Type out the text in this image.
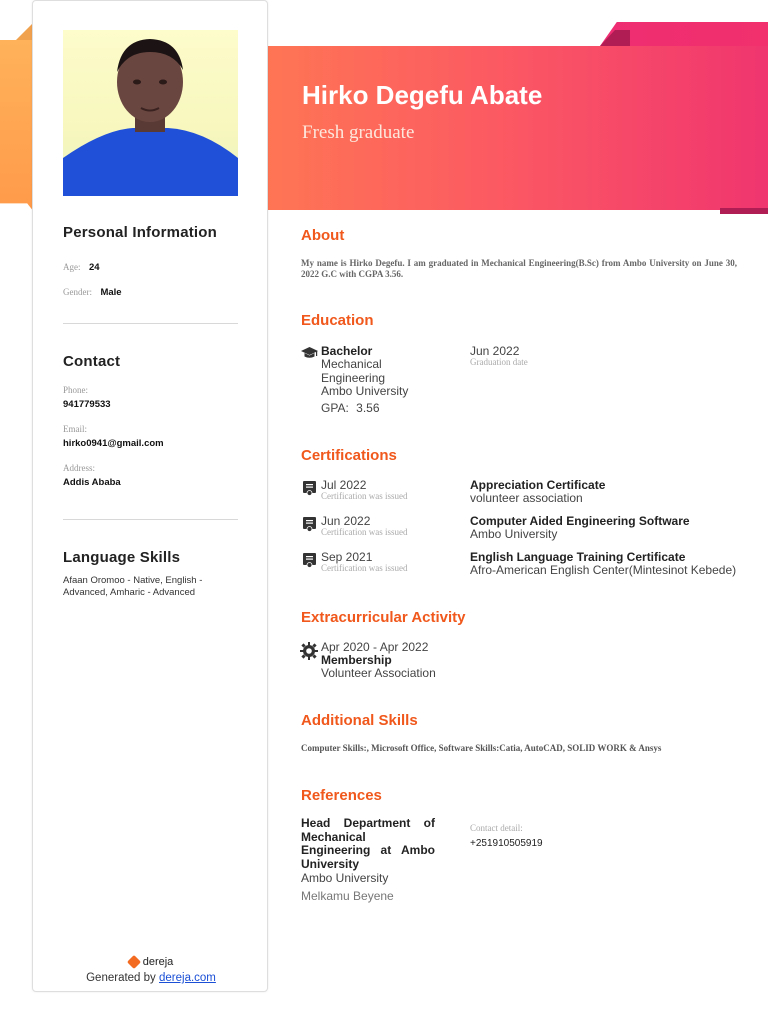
Hirko Degefu Abate
Fresh graduate
Personal Information
Age: 24
Gender: Male
Contact
Phone:
941779533
Email:
hirko0941@gmail.com
Address:
Addis Ababa
Language Skills
Afaan Oromoo - Native, English - Advanced, Amharic - Advanced
dereja
Generated by dereja.com
About
My name is Hirko Degefu. I am graduated in Mechanical Engineering(B.Sc) from Ambo University on June 30, 2022 G.C with CGPA 3.56.
Education
Bachelor
Mechanical
Engineering
Ambo University
GPA: 3.56
Jun 2022
Graduation date
Certifications
Jul 2022
Certification was issued
Appreciation Certificate
volunteer association
Jun 2022
Certification was issued
Computer Aided Engineering Software
Ambo University
Sep 2021
Certification was issued
English Language Training Certificate
Afro-American English Center(Mintesinot Kebede)
Extracurricular Activity
Apr 2020 - Apr 2022
Membership
Volunteer Association
Additional Skills
Computer Skills:, Microsoft Office, Software Skills:Catia, AutoCAD, SOLID WORK & Ansys
References
Head Department of Mechanical Engineering at Ambo University
Ambo University
Melkamu Beyene
Contact detail:
+251910505919
